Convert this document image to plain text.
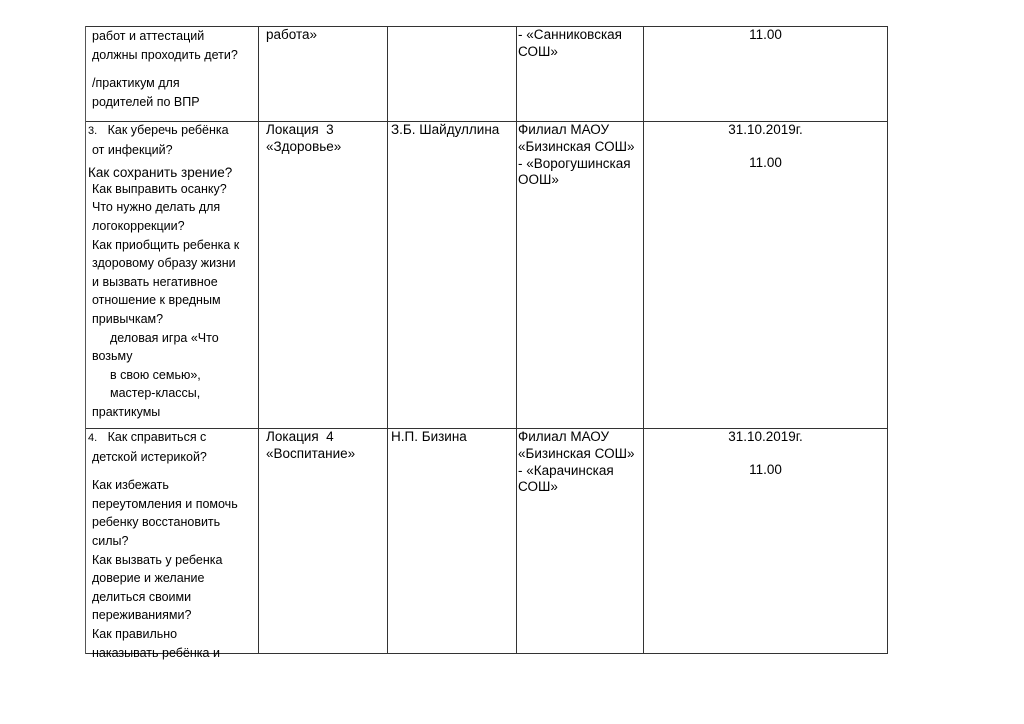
работ и аттестаций
должны проходить дети?
/практикум для
родителей по ВПР
работа»	- «Санниковская
СОШ»
11.00
3. Как уберечь ребёнка
от инфекций?
Как сохранить зрение?
Как выправить осанку?
Что нужно делать для
логокоррекции?
Как приобщить ребенка к
здоровому образу жизни
и вызвать негативное
отношение к вредным
привычкам?
деловая игра «Что
возьму
в свою семью»,
мастер-классы,
практикумы
Локация  3
«Здоровье»
З.Б. Шайдуллина Филиал МАОУ
«Бизинская СОШ»
- «Ворогушинская
ООШ»
31.10.2019г.
11.00
4. Как справиться с
детской истерикой?
Как избежать
переутомления и помочь
ребенку восстановить
силы?
Как вызвать у ребенка
доверие и желание
делиться своими
переживаниями?
Как правильно
наказывать ребёнка и
Локация  4
«Воспитание»
Н.П. Бизина	Филиал МАОУ
«Бизинская СОШ»
- «Карачинская
СОШ»
31.10.2019г.
11.00
